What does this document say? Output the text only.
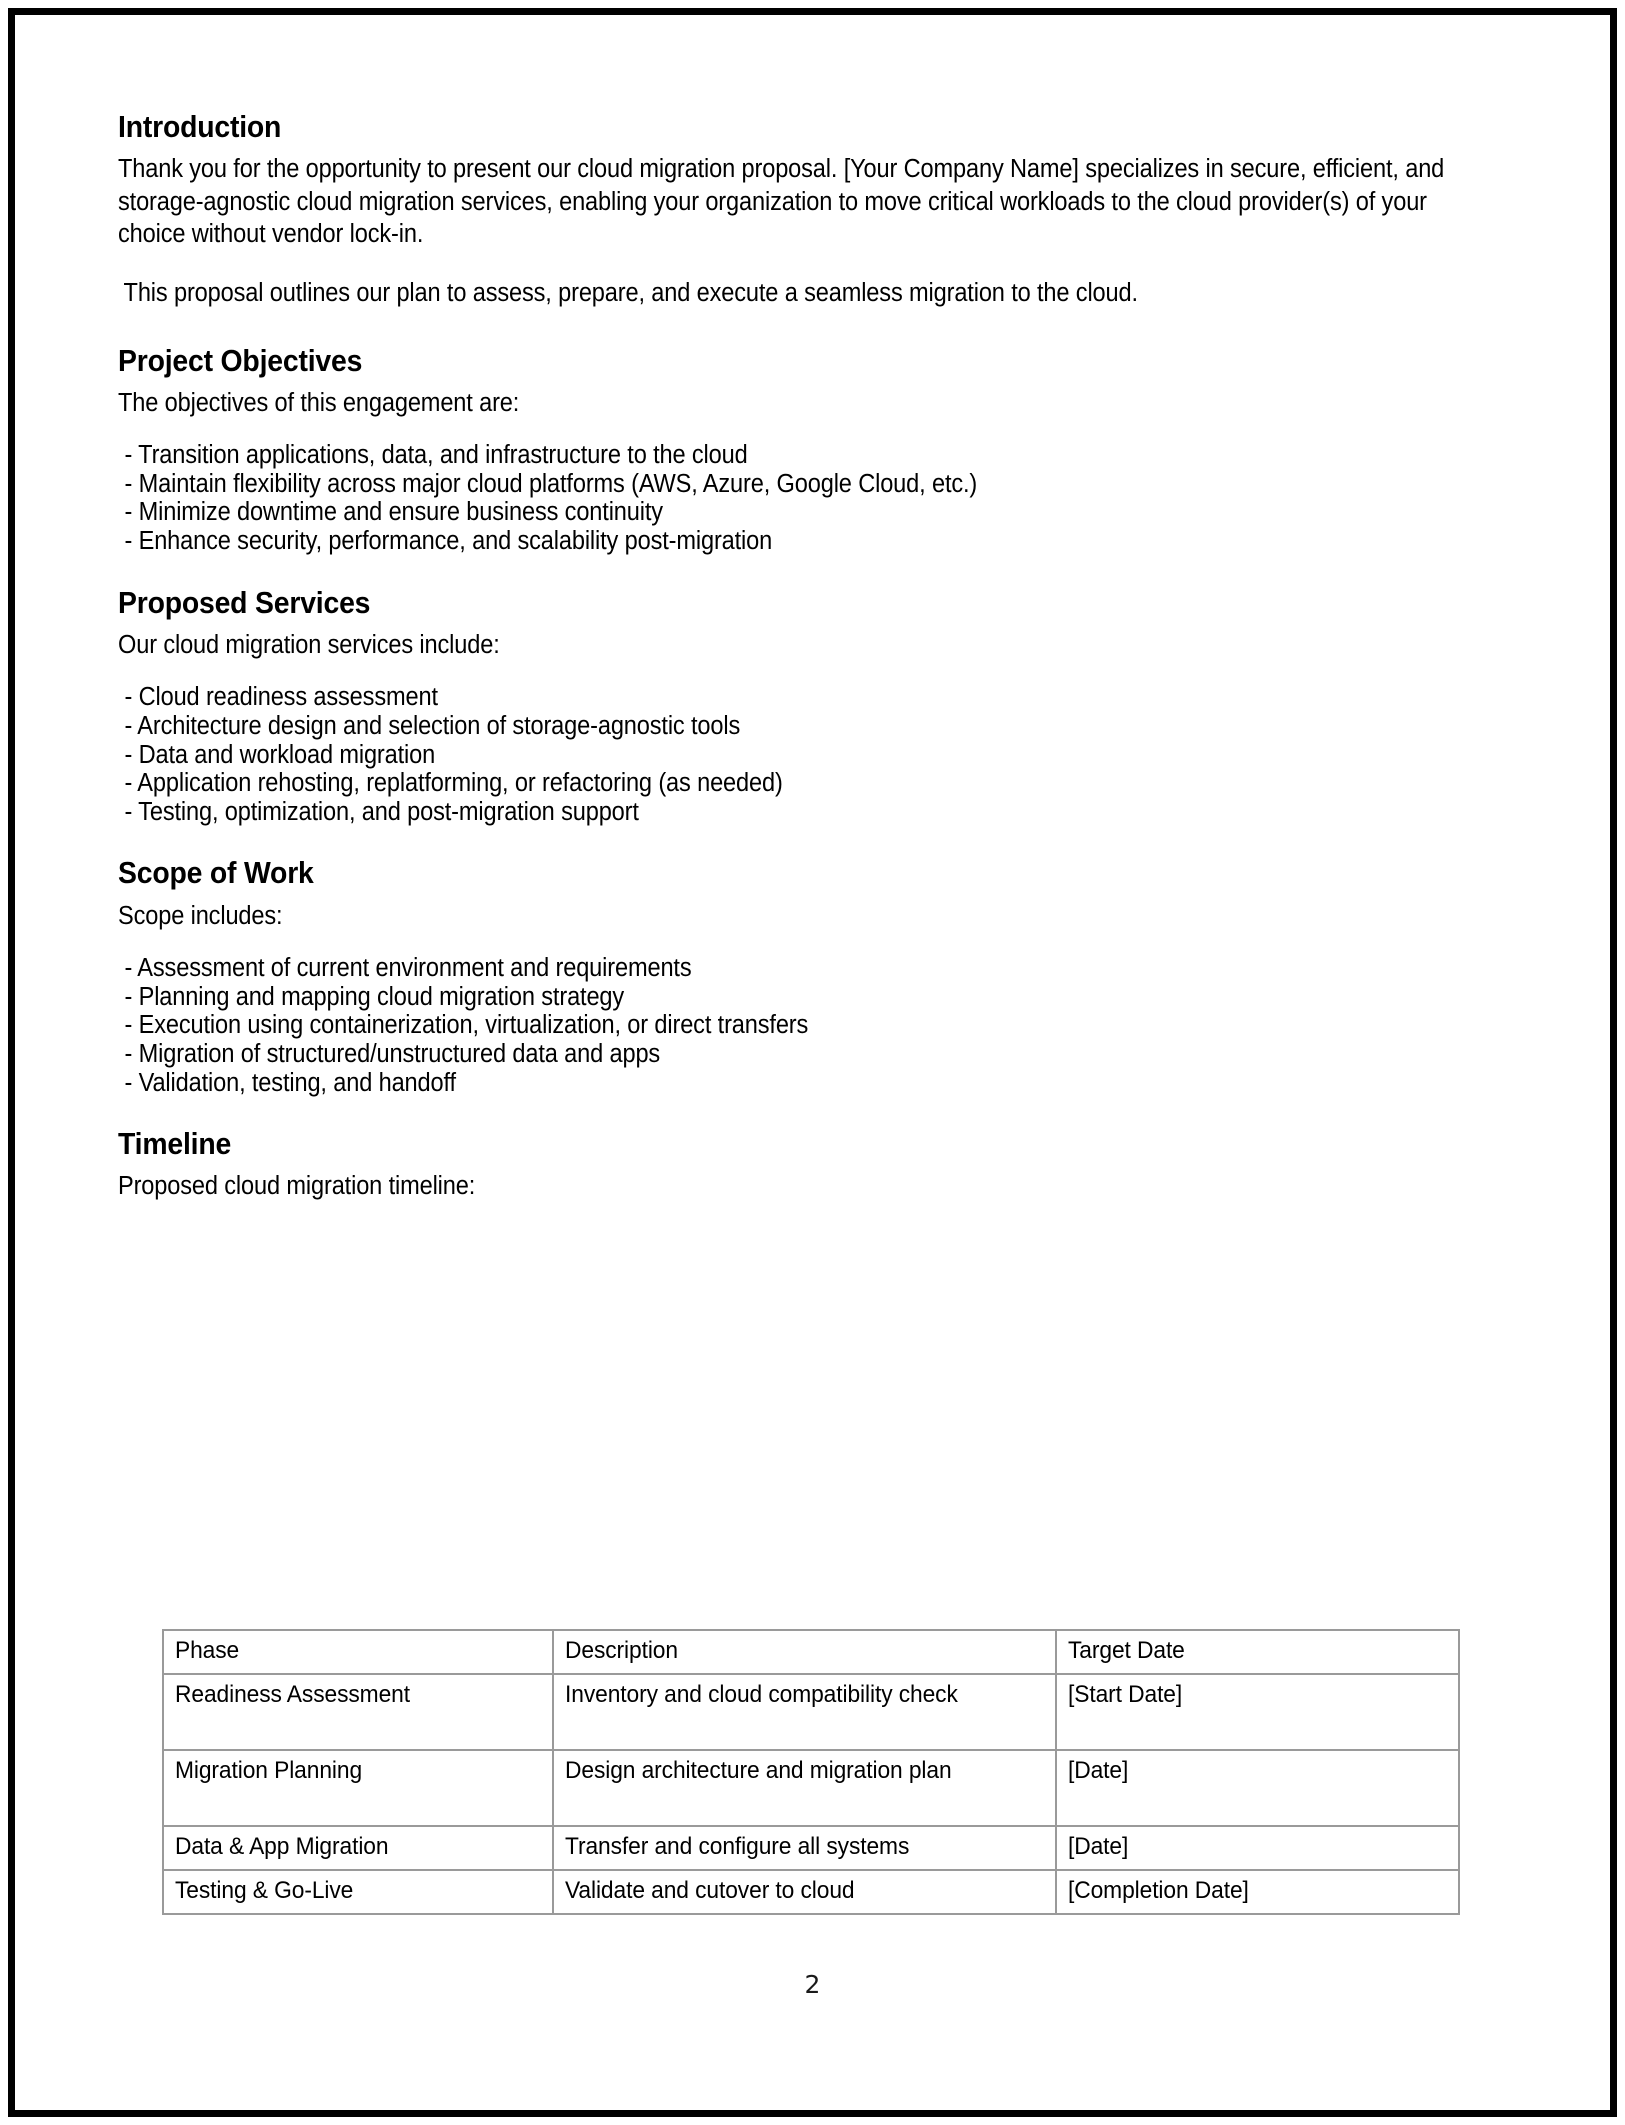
Introduction

Thank you for the opportunity to present our cloud migration proposal. [Your Company Name] specializes in secure, efficient, and storage-agnostic cloud migration services, enabling your organization to move critical workloads to the cloud provider(s) of your choice without vendor lock-in.

This proposal outlines our plan to assess, prepare, and execute a seamless migration to the cloud.

Project Objectives

The objectives of this engagement are:

- Transition applications, data, and infrastructure to the cloud
- Maintain flexibility across major cloud platforms (AWS, Azure, Google Cloud, etc.)
- Minimize downtime and ensure business continuity
- Enhance security, performance, and scalability post-migration
Proposed Services

Our cloud migration services include:

- Cloud readiness assessment
- Architecture design and selection of storage-agnostic tools
- Data and workload migration
- Application rehosting, replatforming, or refactoring (as needed)
- Testing, optimization, and post-migration support
Scope of Work

Scope includes:

- Assessment of current environment and requirements
- Planning and mapping cloud migration strategy
- Execution using containerization, virtualization, or direct transfers
- Migration of structured/unstructured data and apps
- Validation, testing, and handoff
Timeline

Proposed cloud migration timeline:

Phase	Description	Target Date

Readiness Assessment	Inventory and cloud compatibility check	[Start Date]

Migration Planning	Design architecture and migration plan	[Date]

Data & App Migration	Transfer and configure all systems	[Date]

Testing & Go-Live	Validate and cutover to cloud	[Completion Date]
2
